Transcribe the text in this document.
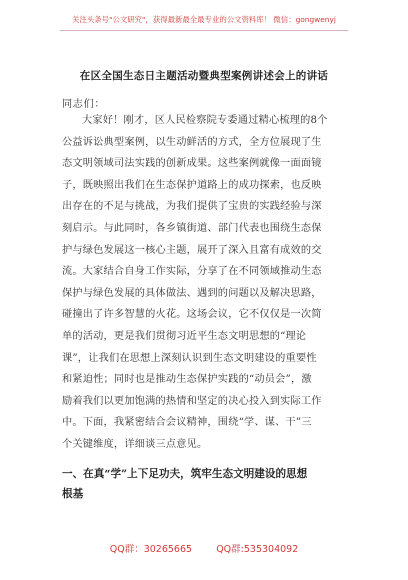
关注头条号"公文研究"，获得最新最全最专业的公文资料库！ 微信：gongwenyj
在区全国生态日主题活动暨典型案例讲述会上的讲话
同志们：
大家好！刚才，区人民检察院专委通过精心梳理的8个
公益诉讼典型案例，以生动鲜活的方式，全方位展现了生
态文明领域司法实践的创新成果。这些案例就像一面面镜
子，既映照出我们在生态保护道路上的成功探索，也反映
出存在的不足与挑战，为我们提供了宝贵的实践经验与深
刻启示。与此同时，各乡镇街道、部门代表也围绕生态保
护与绿色发展这一核心主题，展开了深入且富有成效的交
流。大家结合自身工作实际，分享了在不同领域推动生态
保护与绿色发展的具体做法、遇到的问题以及解决思路，
碰撞出了许多智慧的火花。这场会议，它不仅仅是一次简
单的活动，更是我们贯彻习近平生态文明思想的“理论
课”，让我们在思想上深刻认识到生态文明建设的重要性
和紧迫性；同时也是推动生态保护实践的“动员会”，激
励着我们以更加饱满的热情和坚定的决心投入到实际工作
中。下面，我紧密结合会议精神，围绕“学、谋、干”三
个关键维度，详细谈三点意见。
一、在真“学”上下足功夫，筑牢生态文明建设的思想
根基
QQ群：30265665        QQ群:535304092
